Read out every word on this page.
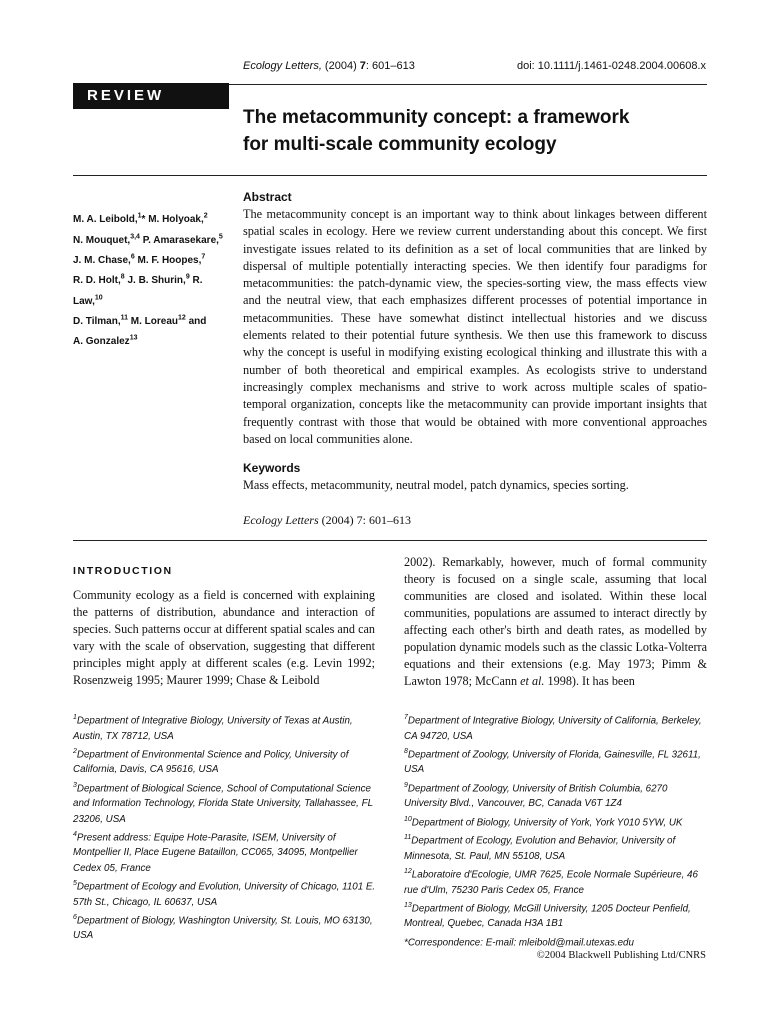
Ecology Letters, (2004) 7: 601–613	doi: 10.1111/j.1461-0248.2004.00608.x
REVIEW
The metacommunity concept: a framework
for multi-scale community ecology
M. A. Leibold,$^1$* M. Holyoak,$^2$
N. Mouquet,$^{3,4}$ P. Amarasekare,$^5$
J. M. Chase,$^6$ M. F. Hoopes,$^7$
R. D. Holt,$^8$ J. B. Shurin,$^9$ R. Law,$^{10}$
D. Tilman,$^{11}$ M. Loreau$^{12}$ and
A. Gonzalez$^{13}$
Abstract

The metacommunity concept is an important way to think about linkages between different spatial scales in ecology. Here we review current understanding about this concept. We first investigate issues related to its definition as a set of local communities that are linked by dispersal of multiple potentially interacting species. We then identify four paradigms for metacommunities: the patch-dynamic view, the species-sorting view, the mass effects view and the neutral view, that each emphasizes different processes of potential importance in metacommunities. These have somewhat distinct intellectual histories and we discuss elements related to their potential future synthesis. We then use this framework to discuss why the concept is useful in modifying existing ecological thinking and illustrate this with a number of both theoretical and empirical examples. As ecologists strive to understand increasingly complex mechanisms and strive to work across multiple scales of spatio-temporal organization, concepts like the metacommunity can provide important insights that frequently contrast with those that would be obtained with more conventional approaches based on local communities alone.

Keywords
Mass effects, metacommunity, neutral model, patch dynamics, species sorting.
Ecology Letters (2004) 7: 601–613
INTRODUCTION

Community ecology as a field is concerned with explaining the patterns of distribution, abundance and interaction of species. Such patterns occur at different spatial scales and can vary with the scale of observation, suggesting that different principles might apply at different scales (e.g. Levin 1992; Rosenzweig 1995; Maurer 1999; Chase & Leibold

2002). Remarkably, however, much of formal community theory is focused on a single scale, assuming that local communities are closed and isolated. Within these local communities, populations are assumed to interact directly by affecting each other's birth and death rates, as modelled by population dynamic models such as the classic Lotka-Volterra equations and their extensions (e.g. May 1973; Pimm & Lawton 1978; McCann et al. 1998). It has been

$^1$Department of Integrative Biology, University of Texas at Austin, Austin, TX 78712, USA
$^2$Department of Environmental Science and Policy, University of California, Davis, CA 95616, USA
$^3$Department of Biological Science, School of Computational Science and Information Technology, Florida State University, Tallahassee, FL 23206, USA
$^4$Present address: Equipe Hote-Parasite, ISEM, University of Montpellier II, Place Eugene Bataillon, CC065, 34095, Montpellier Cedex 05, France
$^5$Department of Ecology and Evolution, University of Chicago, 1101 E. 57th St., Chicago, IL 60637, USA
$^6$Department of Biology, Washington University, St. Louis, MO 63130, USA
$^7$Department of Integrative Biology, University of California, Berkeley, CA 94720, USA
$^8$Department of Zoology, University of Florida, Gainesville, FL 32611, USA
$^9$Department of Zoology, University of British Columbia, 6270 University Blvd., Vancouver, BC, Canada V6T 1Z4
$^{10}$Department of Biology, University of York, York Y010 5YW, UK
$^{11}$Department of Ecology, Evolution and Behavior, University of Minnesota, St. Paul, MN 55108, USA
$^{12}$Laboratoire d'Ecologie, UMR 7625, Ecole Normale Supérieure, 46 rue d'Ulm, 75230 Paris Cedex 05, France
$^{13}$Department of Biology, McGill University, 1205 Docteur Penfield, Montreal, Quebec, Canada H3A 1B1
*Correspondence: E-mail: mleibold@mail.utexas.edu
©2004 Blackwell Publishing Ltd/CNRS
